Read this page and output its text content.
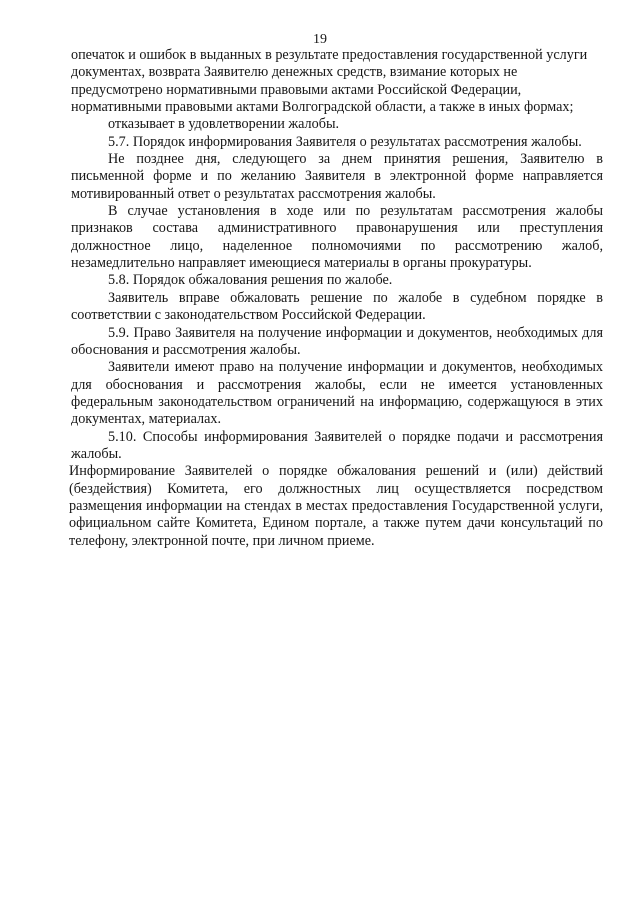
19

опечаток и ошибок в выданных в результате предоставления государственной услуги документах, возврата Заявителю денежных средств, взимание которых не предусмотрено нормативными правовыми актами Российской Федерации, нормативными правовыми актами Волгоградской области, а также в иных формах;

отказывает в удовлетворении жалобы.

5.7. Порядок информирования Заявителя о результатах рассмотрения жалобы.

Не позднее дня, следующего за днем принятия решения, Заявителю в письменной форме и по желанию Заявителя в электронной форме направляется мотивированный ответ о результатах рассмотрения жалобы.

В случае установления в ходе или по результатам рассмотрения жалобы признаков состава административного правонарушения или преступления должностное лицо, наделенное полномочиями по рассмотрению жалоб, незамедлительно направляет имеющиеся материалы в органы прокуратуры.

5.8. Порядок обжалования решения по жалобе.

Заявитель вправе обжаловать решение по жалобе в судебном порядке в соответствии с законодательством Российской Федерации.

5.9. Право Заявителя на получение информации и документов, необходимых для обоснования и рассмотрения жалобы.

Заявители имеют право на получение информации и документов, необходимых для обоснования и рассмотрения жалобы, если не имеется установленных федеральным законодательством ограничений на информацию, содержащуюся в этих документах, материалах.

5.10. Способы информирования Заявителей о порядке подачи и рассмотрения жалобы.

Информирование Заявителей о порядке обжалования решений и (или) действий (бездействия) Комитета, его должностных лиц осуществляется посредством размещения информации на стендах в местах предоставления Государственной услуги, официальном сайте Комитета, Едином портале, а также путем дачи консультаций по телефону, электронной почте, при личном приеме.
